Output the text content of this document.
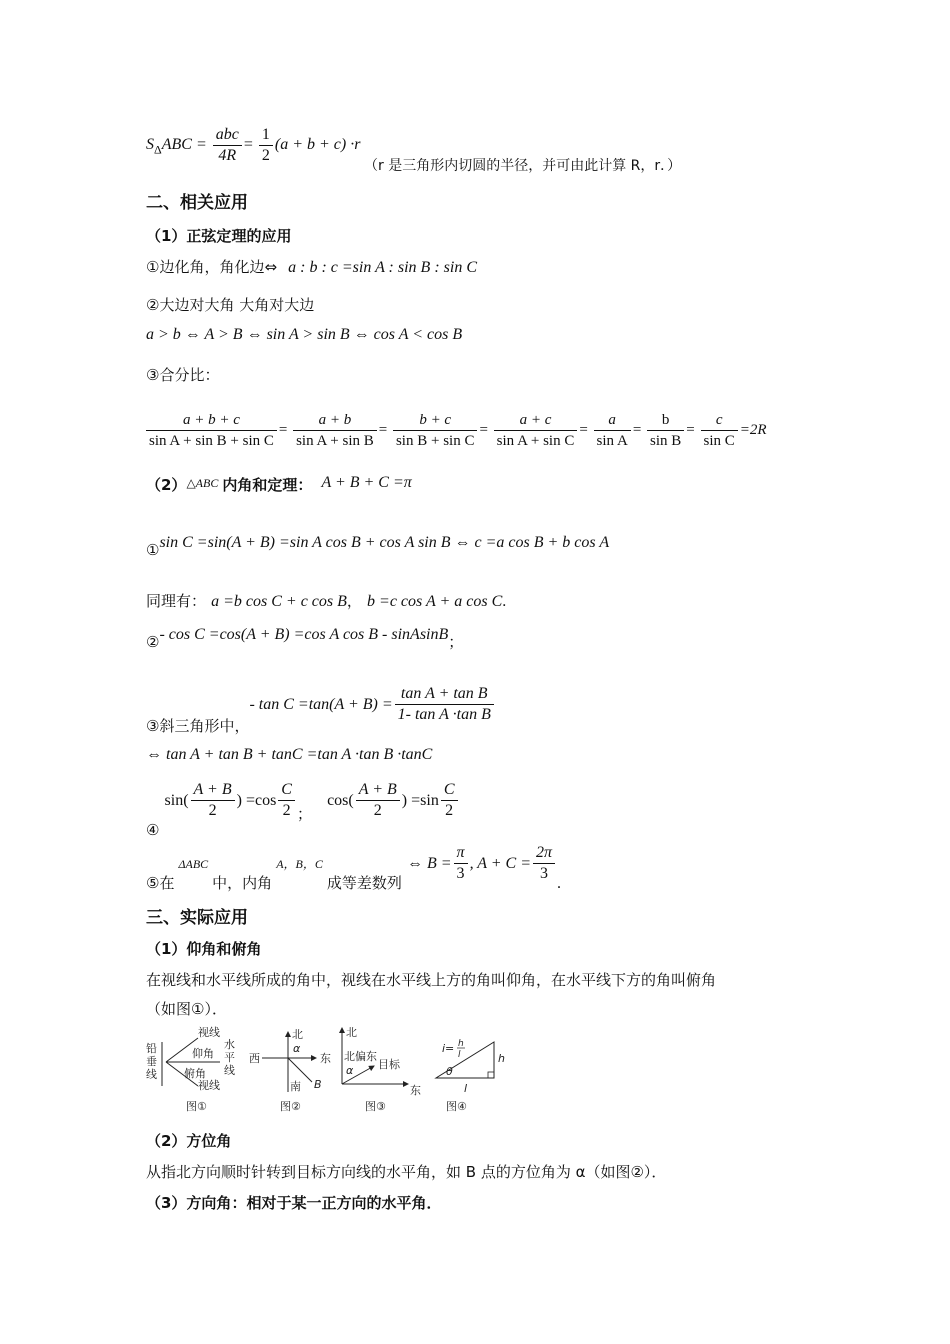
$S_\Delta ABC = \frac{\text{abc}}{4R} = \frac{1}{2} (a + b + c) \cdot r$
（r 是三角形内切圆的半径，并可由此计算 R，r．）
二、相关应用
（1）正弦定理的应用
①边化角，角化边⇔ a : b : c =sin A : sin B : sin C
②大边对大角 大角对大边
a > b ⇔ A > B ⇔ sin A > sin B ⇔ cos A < cos B
③合分比：
$\frac{a + b + c}{\text{sin A + sin B + sin C}} = \frac{a + b}{\text{sin A + sin B}} = \frac{b + c}{\text{sin B + sin C}} = \frac{a + c}{\text{sin A + sin C}} = \frac{a}{\text{sin A}} = \frac{b}{\text{sin B}} = \frac{c}{\text{sin C}} =2R$
（2）△ABC 内角和定理： A + B + C =π
①sin C =sin(A + B) =sin A cos B + cos A sin B ⇔ c =a cos B + b cos A
同理有： a =b cos C + c cos B， b =c cos A + a cos C.
②- cos C =cos(A + B) =cos A cos B - sinAsinB；
③斜三角形中，- $\tan C =\tan(A + B) = \frac{\text{tan A + tan B}}{\text{1- tan A ·tan B}}$
⇔ tan A + tan B + tanC =tan A ·tan B ·tanC
④ $\sin( \frac{A + B}{2}$ ) $=\cos \frac{C}{2}$ ； $\cos( \frac{A + B}{2}$ ) $=\sin \frac{C}{2}$
⑤在ΔABC中，内角A，B，C成等差数列 ⇔ $B = \frac{\pi}{3}$ , $A + C = \frac{2\pi}{3}$ .
三、实际应用
（1）仰角和俯角
在视线和水平线所成的角中，视线在水平线上方的角叫仰角，在水平线下方的角叫俯角
（如图①）．
铅
垂
线
视线
仰角
俯角
视线
水
平
线
图①
北
西	东
南
α
B
图②
北
北偏东
目标
东
α
图③
i= h
l	h
l
θ
图④
（2）方位角
从指北方向顺时针转到目标方向线的水平角，如 B 点的方位角为 α（如图②）．
（3）方向角：相对于某一正方向的水平角．
